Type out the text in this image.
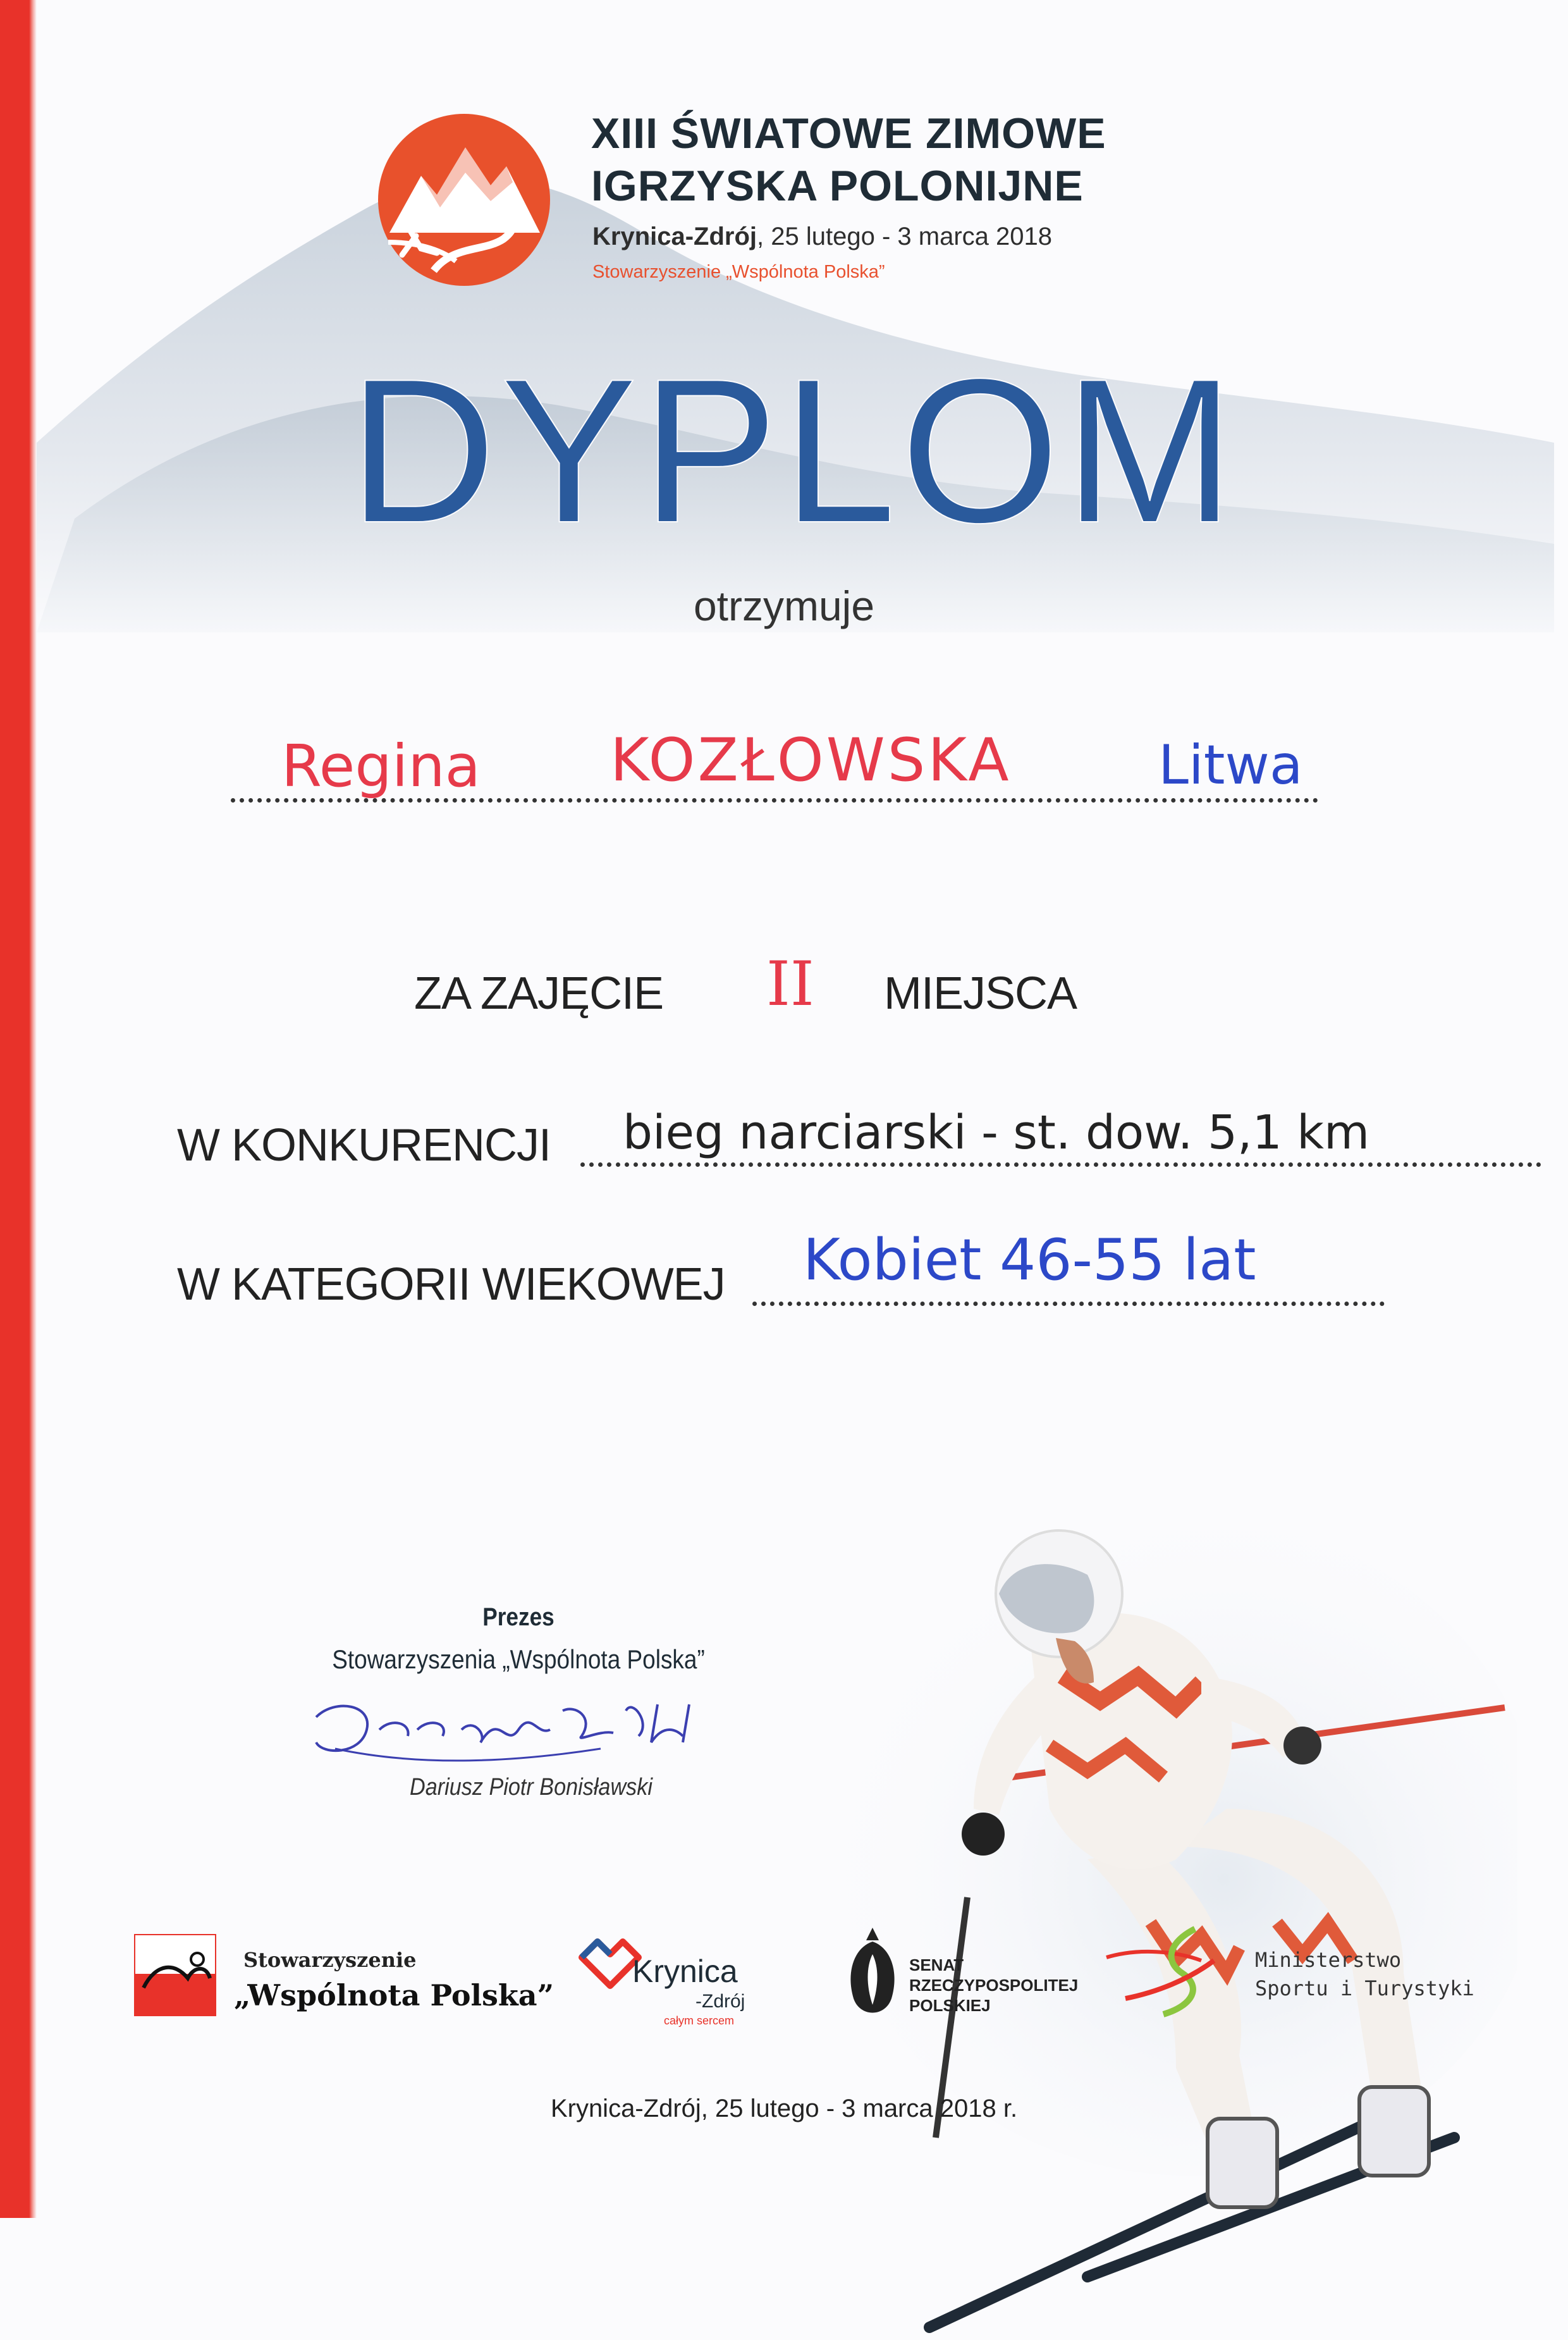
XIII ŚWIATOWE ZIMOWE
IGRZYSKA POLONIJNE
Krynica-Zdrój, 25 lutego - 3 marca 2018
Stowarzyszenie „Wspólnota Polska”
DYPLOM
otrzymuje
Regina KOZŁOWSKA	Litwa
ZA ZAJĘCIE II MIEJSCA
W KONKURENCJI bieg narciarski - st. dow. 5,1 km
W KATEGORII WIEKOWEJ Kobiet 46-55 lat
Prezes
Stowarzyszenia „Wspólnota Polska”
Dariusz Piotr Bonisławski
Stowarzyszenie
„Wspólnota Polska”
Krynica
-Zdrój
całym sercem
SENAT
RZECZYPOSPOLITEJ
POLSKIEJ
Ministerstwo
Sportu i Turystyki
Krynica-Zdrój, 25 lutego - 3 marca 2018 r.
